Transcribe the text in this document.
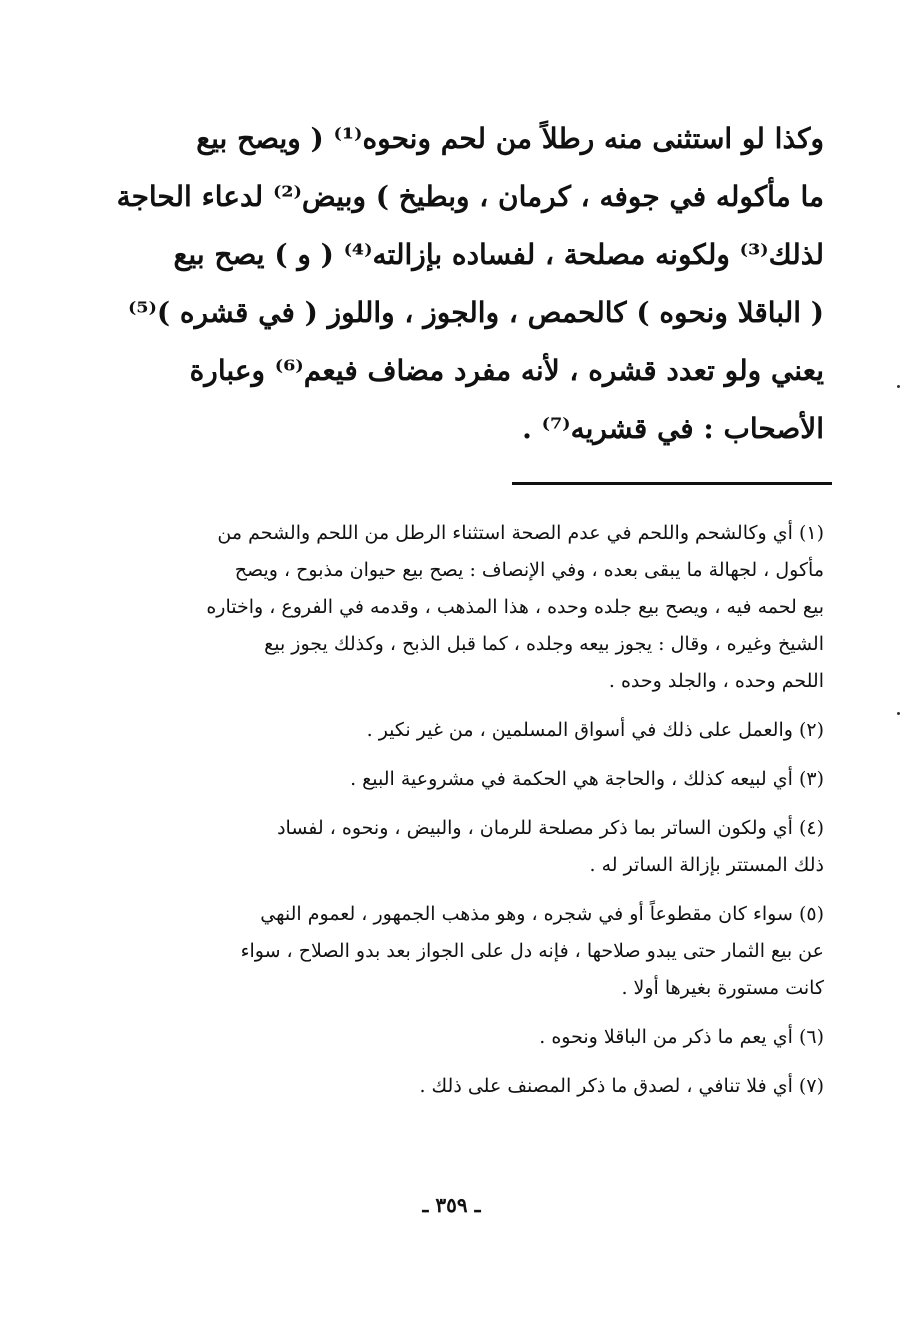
وكذا لو استثنى منه رطلاً من لحم ونحوه⁽¹⁾ ( ويصح بيع
ما مأكوله في جوفه ، كرمان ، وبطيخ ) وبيض⁽²⁾ لدعاء الحاجة
لذلك⁽³⁾ ولكونه مصلحة ، لفساده بإزالته⁽⁴⁾ ( و ) يصح بيع
( الباقلا ونحوه ) كالحمص ، والجوز ، واللوز ( في قشره )⁽⁵⁾
يعني ولو تعدد قشره ، لأنه مفرد مضاف فيعم⁽⁶⁾ وعبارة
الأصحاب : في قشريه⁽⁷⁾ .
(١) أي وكالشحم واللحم في عدم الصحة استثناء الرطل من اللحم والشحم من
مأكول ، لجهالة ما يبقى بعده ، وفي الإنصاف : يصح بيع حيوان مذبوح ، ويصح
بيع لحمه فيه ، ويصح بيع جلده وحده ، هذا المذهب ، وقدمه في الفروع ، واختاره
الشيخ وغيره ، وقال : يجوز بيعه وجلده ، كما قبل الذبح ، وكذلك يجوز بيع
اللحم وحده ، والجلد وحده .
(٢) والعمل على ذلك في أسواق المسلمين ، من غير نكير .
(٣) أي لبيعه كذلك ، والحاجة هي الحكمة في مشروعية البيع .
(٤) أي ولكون الساتر بما ذكر مصلحة للرمان ، والبيض ، ونحوه ، لفساد
ذلك المستتر بإزالة الساتر له .
(٥) سواء كان مقطوعاً أو في شجره ، وهو مذهب الجمهور ، لعموم النهي
عن بيع الثمار حتى يبدو صلاحها ، فإنه دل على الجواز بعد بدو الصلاح ، سواء
كانت مستورة بغيرها أولا .
(٦) أي يعم ما ذكر من الباقلا ونحوه .
(٧) أي فلا تنافي ، لصدق ما ذكر المصنف على ذلك .
ـ ٣٥٩ ـ
